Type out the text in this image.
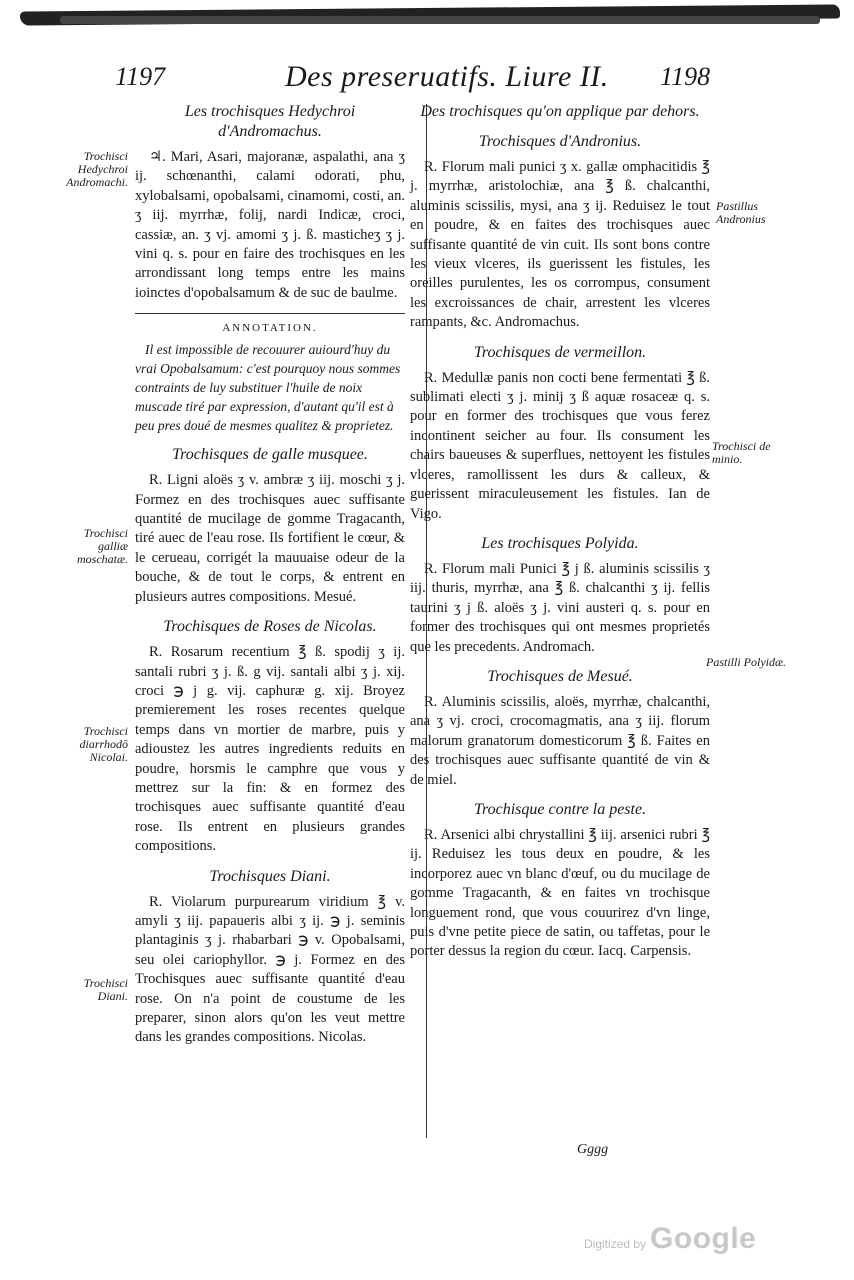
1197	Des preseruatifs. Liure II. 1198
Les trochisques Hedychroi d'Andromachus.
♃. Mari, Asari, majoranæ, aspalathi, ana ʒ ij. schœnanthi, calami odorati, phu, xylobalsami, opobalsami, cinamomi, costi, an. ʒ iij. myrrhæ, folij, nardi Indicæ, croci, cassiæ, an. ʒ vj. amomi ʒ j. ß. masticheʒ ʒ j. vini q. s. pour en faire des trochisques en les arrondissant long temps entre les mains ioinctes d'opobalsamum & de suc de baulme.
ANNOTATION.
Il est impossible de recouurer auiourd'huy du vrai Opobalsamum: c'est pourquoy nous sommes contraints de luy substituer l'huile de noix muscade tiré par expression, d'autant qu'il est à peu pres doué de mesmes qualitez & proprietez.
Trochisques de galle musquee.
R. Ligni aloës ʒ v. ambræ ʒ iij. moschi ʒ j. Formez en des trochisques auec suffisante quantité de mucilage de gomme Tragacanth, tiré auec de l'eau rose. Ils fortifient le cœur, & le cerueau, corrigét la mauuaise odeur de la bouche, & de tout le corps, & entrent en plusieurs autres compositions. Mesué.
Trochisques de Roses de Nicolas.
R. Rosarum recentium ℥ ß. spodij ʒ ij. santali rubri ʒ j. ß. g vij. santali albi ʒ j. xij. croci ℈ j g. vij. caphuræ g. xij. Broyez premierement les roses recentes quelque temps dans vn mortier de marbre, puis y adioustez les autres ingredients reduits en poudre, horsmis le camphre que vous y mettrez sur la fin: & en formez des trochisques auec suffisante quantité d'eau rose. Ils entrent en plusieurs grandes compositions.
Trochisques Diani.
R. Violarum purpurearum viridium ℥ v. amyli ʒ iij. papaueris albi ʒ ij. ℈ j. seminis plantaginis ʒ j. rhabarbari ℈ v. Opobalsami, seu olei cariophyllor. ℈ j. Formez en des Trochisques auec suffisante quantité d'eau rose. On n'a point de coustume de les preparer, sinon alors qu'on les veut mettre dans les grandes compositions. Nicolas.
Des trochisques qu'on applique par dehors.
Trochisques d'Andronius.
R. Florum mali punici ʒ x. gallæ omphacitidis ℥ j. myrrhæ, aristolochiæ, ana ℥ ß. chalcanthi, aluminis scissilis, mysi, ana ʒ ij. Reduisez le tout en poudre, & en faites des trochisques auec suffisante quantité de vin cuit. Ils sont bons contre les vieux vlceres, ils guerissent les fistules, les oreilles purulentes, les os corrompus, consument les excroissances de chair, arrestent les vlceres rampants, &c. Andromachus.
Trochisques de vermeillon.
R. Medullæ panis non cocti bene fermentati ℥ ß. sublimati electi ʒ j. minij ʒ ß aquæ rosaceæ q. s. pour en former des trochisques que vous ferez incontinent seicher au four. Ils consument les chairs baueuses & superflues, nettoyent les fistules vlceres, ramollissent les durs & calleux, & guerissent miraculeusement les fistules. Ian de Vigo.
Les trochisques Polyida.
R. Florum mali Punici ℥ j ß. aluminis scissilis ʒ iij. thuris, myrrhæ, ana ℥ ß. chalcanthi ʒ ij. fellis taurini ʒ j ß. aloës ʒ j. vini austeri q. s. pour en former des trochisques qui ont mesmes proprietés que les precedents. Andromach.
Trochisques de Mesué.
R. Aluminis scissilis, aloës, myrrhæ, chalcanthi, ana ʒ vj. croci, crocomagmatis, ana ʒ iij. florum malorum granatorum domesticorum ℥ ß. Faites en des trochisques auec suffisante quantité de vin & de miel.
Trochisque contre la peste.
R. Arsenici albi chrystallini ℥ iij. arsenici rubri ℥ ij. Reduisez les tous deux en poudre, & les incorporez auec vn blanc d'œuf, ou du mucilage de gomme Tragacanth, & en faites vn trochisque longuement rond, que vous couurirez d'vn linge, puis d'vne petite piece de satin, ou taffetas, pour le porter dessus la region du cœur. Iacq. Carpensis.
Trochisci Hedychroi Andromachi.
Trochisci galliæ moschatæ.
Trochisci diarrhodō Nicolai.
Trochisci Diani.
Pastillus Andronius
Trochisci de minio.
Pastilli Polyidæ.
Gggg
Digitized by Google
